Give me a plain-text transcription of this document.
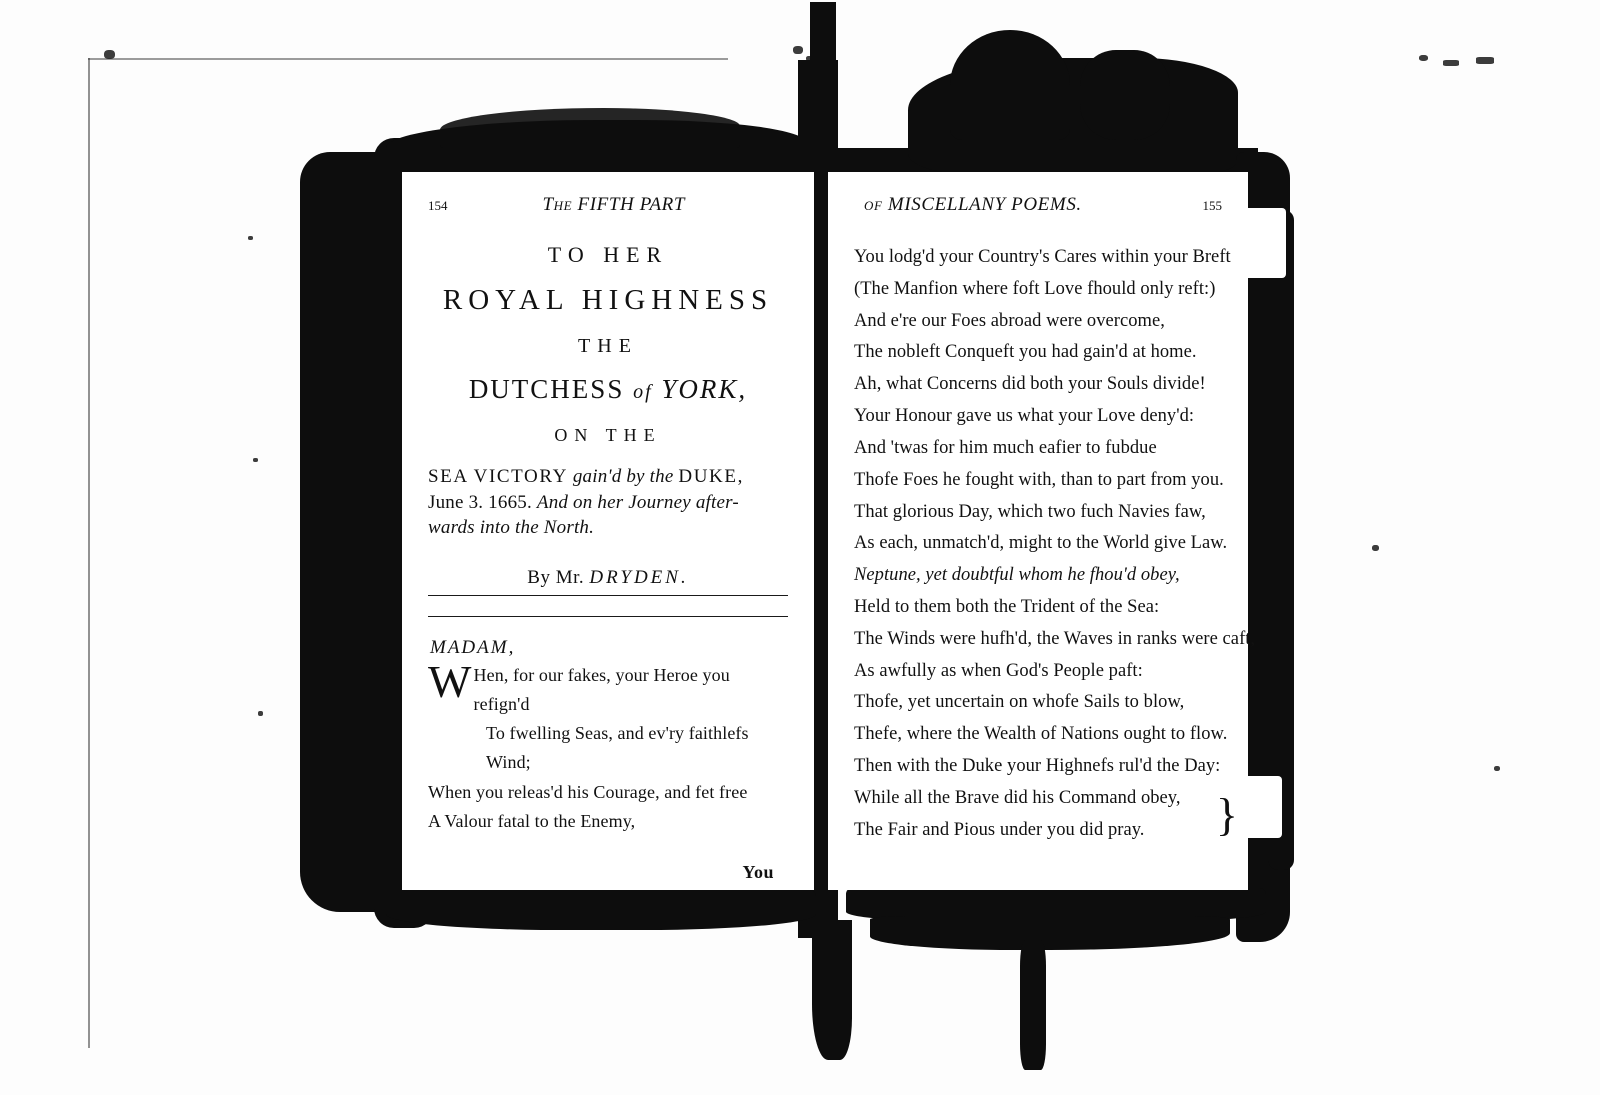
154	The FIFTH PART
TO HER
ROYAL HIGHNESS
THE
DUTCHESS of YORK,
ON THE
SEA VICTORY gain'd by the DUKE,
June 3. 1665. And on her Journey after-
wards into the North.
By Mr. DRYDEN.
MADAM,
W Hen, for our fakes, your Heroe you refign'd
To fwelling Seas, and ev'ry faithlefs Wind;
When you releas'd his Courage, and fet free
A Valour fatal to the Enemy,
You
of MISCELLANY POEMS.	155
You lodg'd your Country's Cares within your Breft
(The Manfion where foft Love fhould only reft:)
And e're our Foes abroad were overcome,
The nobleft Conqueft you had gain'd at home.
Ah, what Concerns did both your Souls divide!
Your Honour gave us what your Love deny'd:
And 'twas for him much eafier to fubdue
Thofe Foes he fought with, than to part from you.
That glorious Day, which two fuch Navies faw,
As each, unmatch'd, might to the World give Law.
Neptune, yet doubtful whom he fhou'd obey,
Held to them both the Trident of the Sea:
The Winds were hufh'd, the Waves in ranks were caft,
As awfully as when God's People paft:
Thofe, yet uncertain on whofe Sails to blow,
Thefe, where the Wealth of Nations ought to flow.
Then with the Duke your Highnefs rul'd the Day:
While all the Brave did his Command obey,
The Fair and Pious under you did pray.	}
